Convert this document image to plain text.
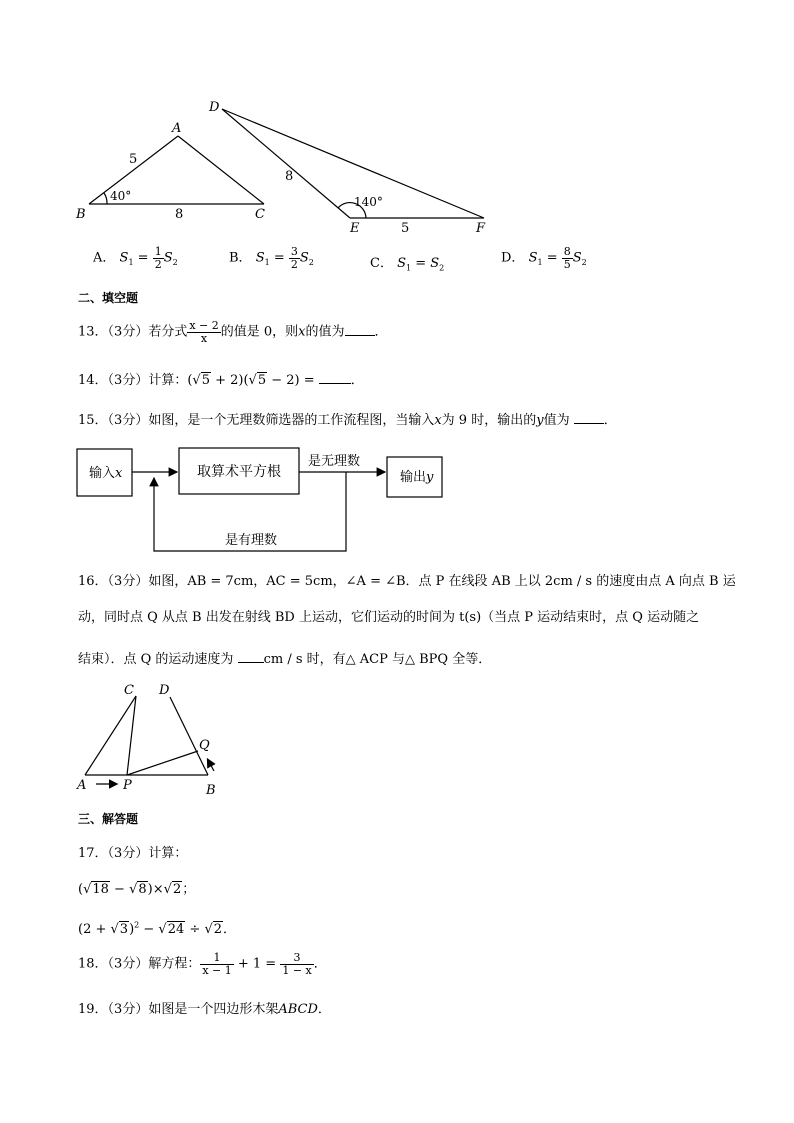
A
B	C
5
8
40°
D
E	F
8
5
140°
A． $S_1 = \frac{1}{2} S_2$	B． $S_1 = \frac{3}{2} S_2$	C． $S_1 = S_2$
D． $S_1 = \frac{8}{5} S_2$
二、填空题
13．（3分）若分式 $\frac{x - 2}{x}$ 的值是 0，则x的值为 ．
14．（3分）计算：(√5 + 2)(√5 − 2) = ．
15．（3分）如图，是一个无理数筛选器的工作流程图，当输入x为 9 时，输出的y值为	．
输入x	取算术平方根	输出y
是无理数
是有理数
16．（3分）如图，AB = 7cm，AC = 5cm，∠A = ∠B．点 P 在线段 AB 上以 2cm / s 的速度由点 A 向点 B 运
动，同时点 Q 从点 B 出发在射线 BD 上运动，它们运动的时间为 t(s)（当点 P 运动结束时，点 Q 运动随之
结束）．点 Q 的运动速度为 cm / s 时，有△ ACP 与△ BPQ 全等．
C D
Q
A	P	B
三、解答题
17．（3分）计算：
(√18 − √8)×√2；
$(2 + √3)^2 - √24 \div √2$．
18．（3分）解方程： $\frac{1}{x - 1} + 1 = \frac{3}{1 - x}$ ．
19．（3分）如图是一个四边形木架ABCD．
